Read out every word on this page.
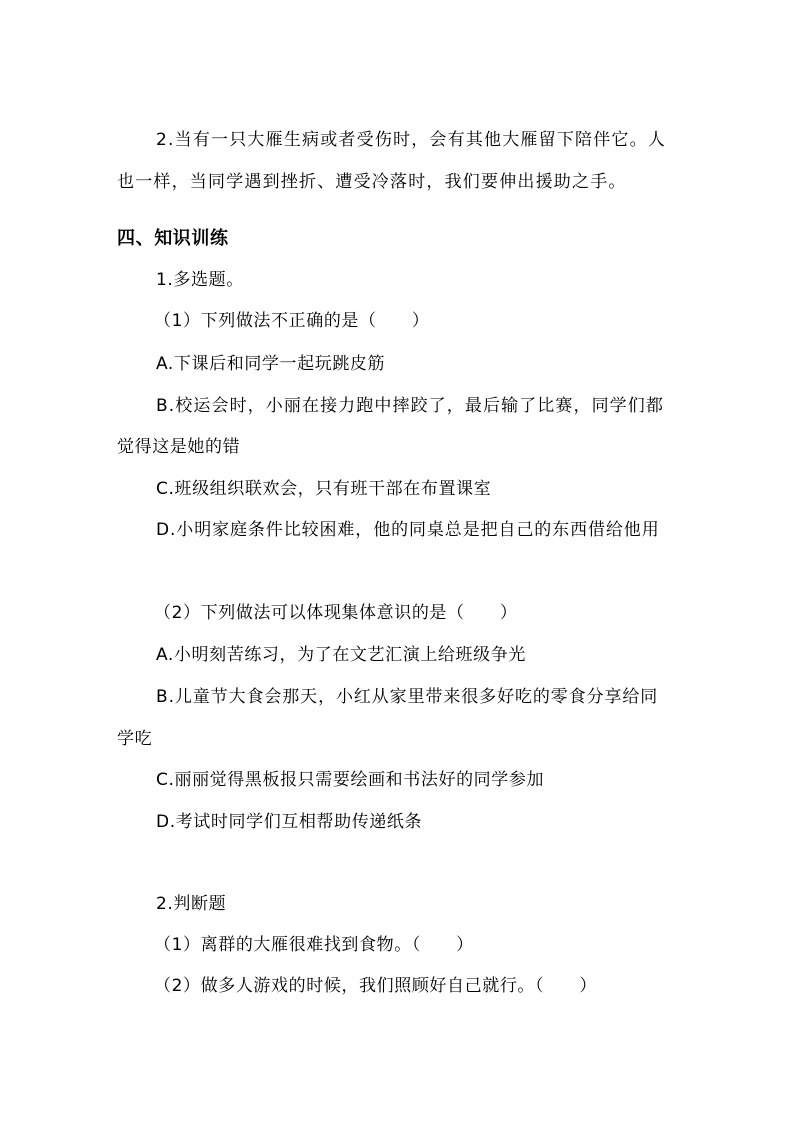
2.当有一只大雁生病或者受伤时，会有其他大雁留下陪伴它。人
也一样，当同学遇到挫折、遭受冷落时，我们要伸出援助之手。
四、知识训练
1.多选题。
（1）下列做法不正确的是（　　）
A.下课后和同学一起玩跳皮筋
B.校运会时，小丽在接力跑中摔跤了，最后输了比赛，同学们都
觉得这是她的错
C.班级组织联欢会，只有班干部在布置课室
D.小明家庭条件比较困难，他的同桌总是把自己的东西借给他用
（2）下列做法可以体现集体意识的是（　　）
A.小明刻苦练习，为了在文艺汇演上给班级争光
B.儿童节大食会那天，小红从家里带来很多好吃的零食分享给同
学吃
C.丽丽觉得黑板报只需要绘画和书法好的同学参加
D.考试时同学们互相帮助传递纸条
2.判断题
（1）离群的大雁很难找到食物。（　　）
（2）做多人游戏的时候，我们照顾好自己就行。（　　）
